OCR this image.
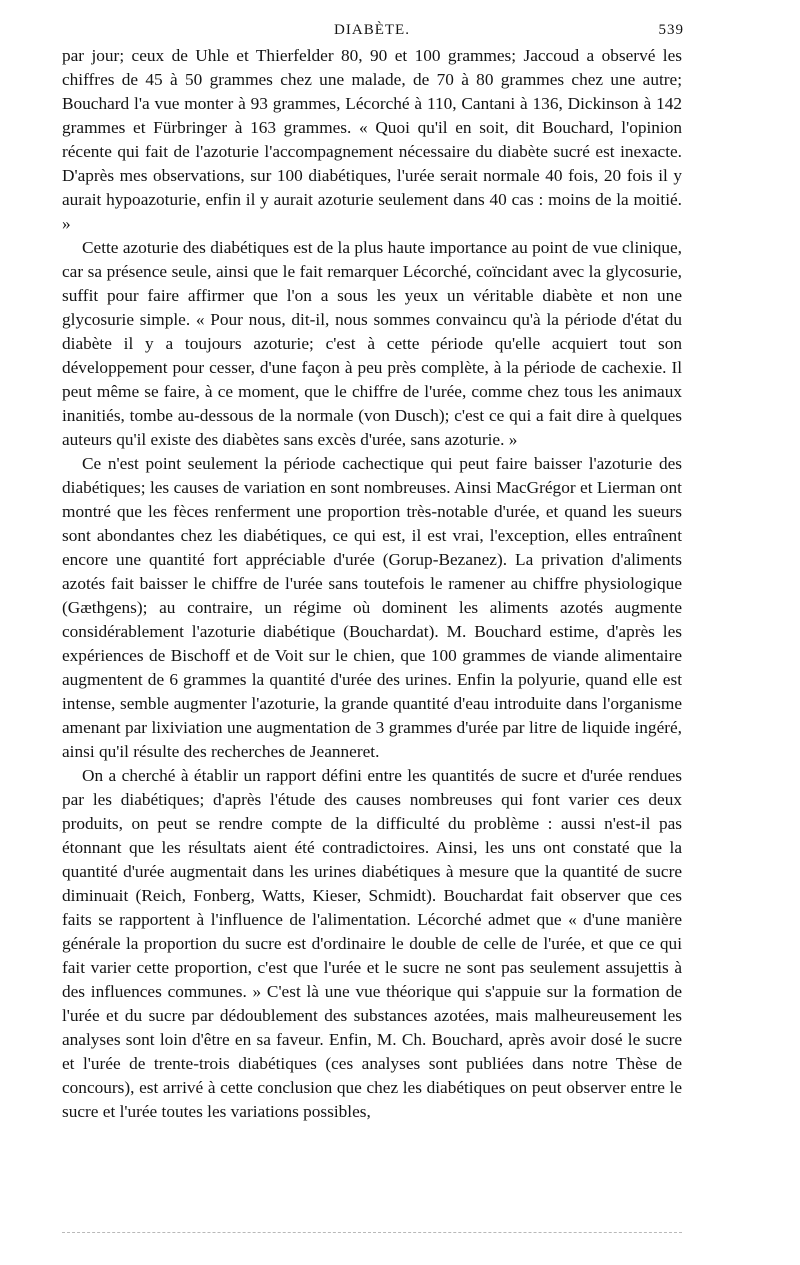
DIABÈTE.	539

par jour; ceux de Uhle et Thierfelder 80, 90 et 100 grammes; Jaccoud a observé les chiffres de 45 à 50 grammes chez une malade, de 70 à 80 grammes chez une autre; Bouchard l'a vue monter à 93 grammes, Lécorché à 110, Cantani à 136, Dickinson à 142 grammes et Fürbringer à 163 grammes. « Quoi qu'il en soit, dit Bouchard, l'opinion récente qui fait de l'azoturie l'accompagnement nécessaire du diabète sucré est inexacte. D'après mes observations, sur 100 diabétiques, l'urée serait normale 40 fois, 20 fois il y aurait hypoazoturie, enfin il y aurait azoturie seulement dans 40 cas : moins de la moitié. »

Cette azoturie des diabétiques est de la plus haute importance au point de vue clinique, car sa présence seule, ainsi que le fait remarquer Lécorché, coïncidant avec la glycosurie, suffit pour faire affirmer que l'on a sous les yeux un véritable diabète et non une glycosurie simple. « Pour nous, dit-il, nous sommes convaincu qu'à la période d'état du diabète il y a toujours azoturie; c'est à cette période qu'elle acquiert tout son développement pour cesser, d'une façon à peu près complète, à la période de cachexie. Il peut même se faire, à ce moment, que le chiffre de l'urée, comme chez tous les animaux inanitiés, tombe au-dessous de la normale (von Dusch); c'est ce qui a fait dire à quelques auteurs qu'il existe des diabètes sans excès d'urée, sans azoturie. »

Ce n'est point seulement la période cachectique qui peut faire baisser l'azoturie des diabétiques; les causes de variation en sont nombreuses. Ainsi MacGrégor et Lierman ont montré que les fèces renferment une proportion très-notable d'urée, et quand les sueurs sont abondantes chez les diabétiques, ce qui est, il est vrai, l'exception, elles entraînent encore une quantité fort appréciable d'urée (Gorup-Bezanez). La privation d'aliments azotés fait baisser le chiffre de l'urée sans toutefois le ramener au chiffre physiologique (Gæthgens); au contraire, un régime où dominent les aliments azotés augmente considérablement l'azoturie diabétique (Bouchardat). M. Bouchard estime, d'après les expériences de Bischoff et de Voit sur le chien, que 100 grammes de viande alimentaire augmentent de 6 grammes la quantité d'urée des urines. Enfin la polyurie, quand elle est intense, semble augmenter l'azoturie, la grande quantité d'eau introduite dans l'organisme amenant par lixiviation une augmentation de 3 grammes d'urée par litre de liquide ingéré, ainsi qu'il résulte des recherches de Jeanneret.

On a cherché à établir un rapport défini entre les quantités de sucre et d'urée rendues par les diabétiques; d'après l'étude des causes nombreuses qui font varier ces deux produits, on peut se rendre compte de la difficulté du problème : aussi n'est-il pas étonnant que les résultats aient été contradictoires. Ainsi, les uns ont constaté que la quantité d'urée augmentait dans les urines diabétiques à mesure que la quantité de sucre diminuait (Reich, Fonberg, Watts, Kieser, Schmidt). Bouchardat fait observer que ces faits se rapportent à l'influence de l'alimentation. Lécorché admet que « d'une manière générale la proportion du sucre est d'ordinaire le double de celle de l'urée, et que ce qui fait varier cette proportion, c'est que l'urée et le sucre ne sont pas seulement assujettis à des influences communes. » C'est là une vue théorique qui s'appuie sur la formation de l'urée et du sucre par dédoublement des substances azotées, mais malheureusement les analyses sont loin d'être en sa faveur. Enfin, M. Ch. Bouchard, après avoir dosé le sucre et l'urée de trente-trois diabétiques (ces analyses sont publiées dans notre Thèse de concours), est arrivé à cette conclusion que chez les diabétiques on peut observer entre le sucre et l'urée toutes les variations possibles,
